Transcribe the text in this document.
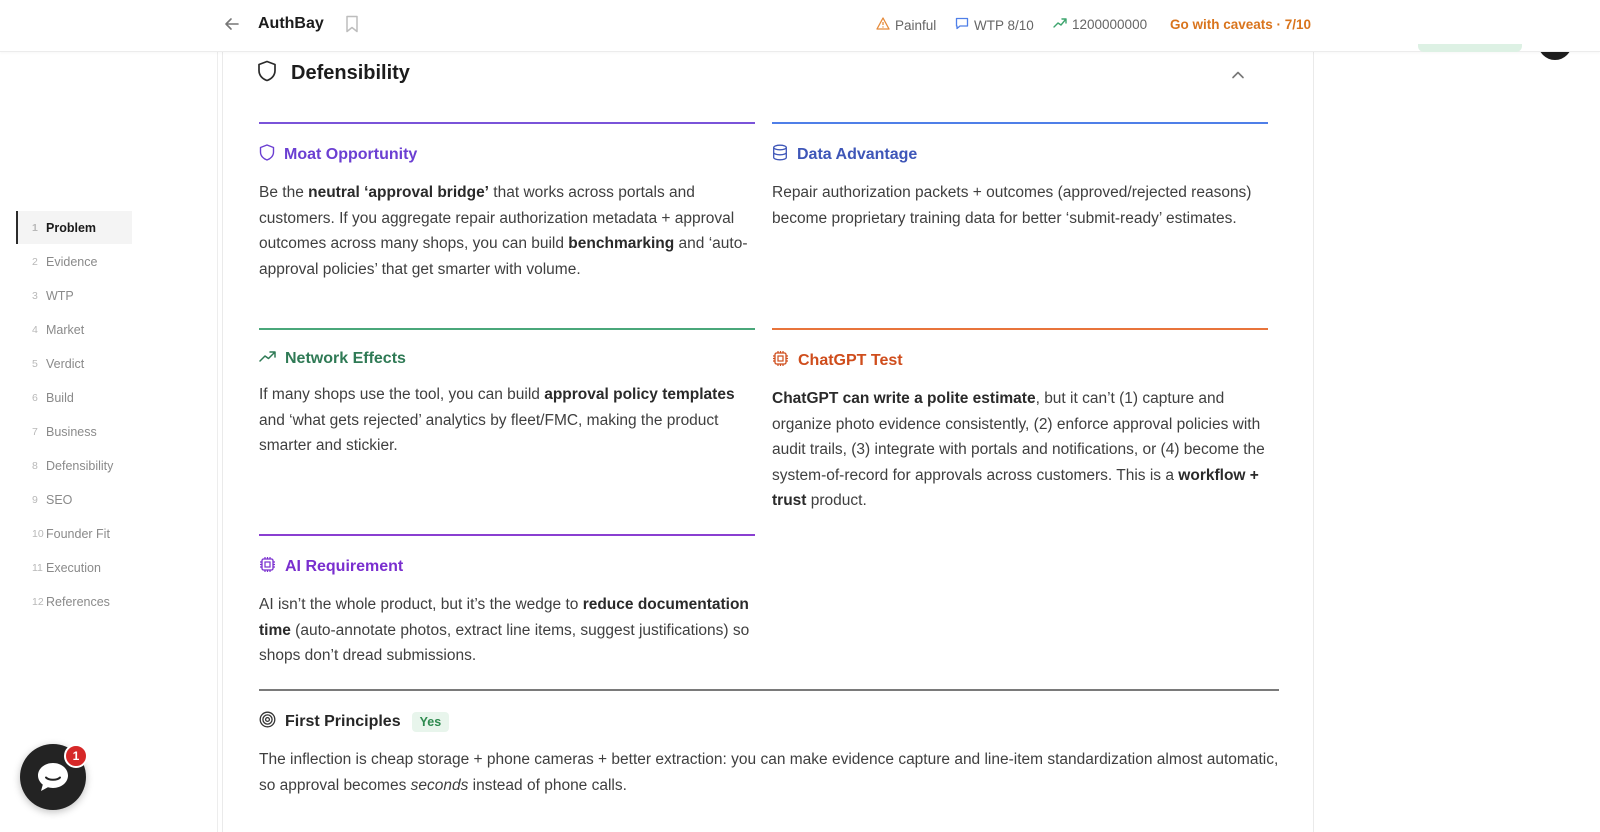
AuthBay	Painful	WTP 8/10	1200000000 Go with caveats · 7/10
1 Problem
2 Evidence
3 WTP
4 Market
5 Verdict
6 Build
7 Business
8 Defensibility
9 SEO
10 Founder Fit
11 Execution
12 References
Defensibility
Moat Opportunity

Be the neutral ‘approval bridge’ that works across portals and customers. If you aggregate repair authorization metadata + approval outcomes across many shops, you can build benchmarking and ‘auto-approval policies’ that get smarter with volume.

Data Advantage

Repair authorization packets + outcomes (approved/rejected reasons) become proprietary training data for better ‘submit-ready’ estimates.

Network Effects

If many shops use the tool, you can build approval policy templates and ‘what gets rejected’ analytics by fleet/FMC, making the product smarter and stickier.

ChatGPT Test

ChatGPT can write a polite estimate, but it can’t (1) capture and organize photo evidence consistently, (2) enforce approval policies with audit trails, (3) integrate with portals and notifications, or (4) become the system-of-record for approvals across customers. This is a workflow + trust product.

AI Requirement

AI isn’t the whole product, but it’s the wedge to reduce documentation time (auto-annotate photos, extract line items, suggest justifications) so shops don’t dread submissions.

First Principles	Yes

The inflection is cheap storage + phone cameras + better extraction: you can make evidence capture and line-item standardization almost automatic, so approval becomes seconds instead of phone calls.

1
